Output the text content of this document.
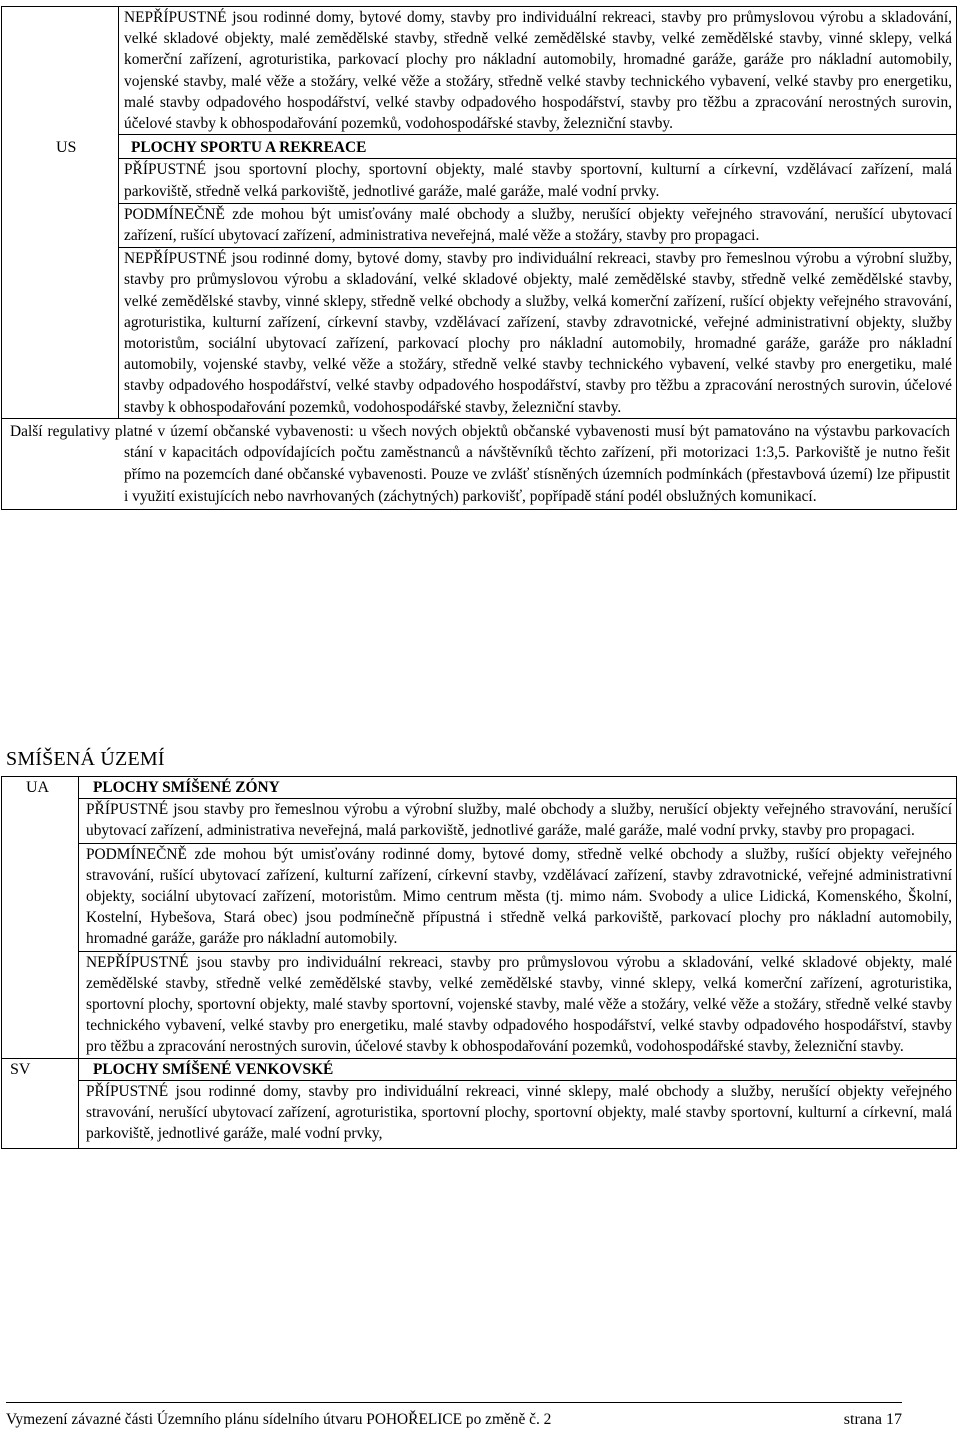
	NEPŘÍPUSTNÉ jsou rodinné domy, bytové domy, stavby pro individuální rekreaci, stavby pro průmyslovou výrobu a skladování, velké skladové objekty, malé zemědělské stavby, středně velké zemědělské stavby, velké zemědělské stavby, vinné sklepy, velká komerční zařízení, agroturistika, parkovací plochy pro nákladní automobily, hromadné garáže, garáže pro nákladní automobily, vojenské stavby, malé věže a stožáry, velké věže a stožáry, středně velké stavby technického vybavení, velké stavby pro energetiku, malé stavby odpadového hospodářství, velké stavby odpadového hospodářství, stavby pro těžbu a zpracování nerostných surovin, účelové stavby k obhospodařování pozemků, vodohospodářské stavby, železniční stavby.

US	PLOCHY SPORTU A REKREACE
PŘÍPUSTNÉ jsou sportovní plochy, sportovní objekty, malé stavby sportovní, kulturní a církevní, vzdělávací zařízení, malá parkoviště, středně velká parkoviště, jednotlivé garáže, malé garáže, malé vodní prvky.
PODMÍNEČNĚ zde mohou být umisťovány malé obchody a služby, nerušící objekty veřejného stravování, nerušící ubytovací zařízení, rušící ubytovací zařízení, administrativa neveřejná, malé věže a stožáry, stavby pro propagaci.
NEPŘÍPUSTNÉ jsou rodinné domy, bytové domy, stavby pro individuální rekreaci, stavby pro řemeslnou výrobu a výrobní služby, stavby pro průmyslovou výrobu a skladování, velké skladové objekty, malé zemědělské stavby, středně velké zemědělské stavby, velké zemědělské stavby, vinné sklepy, středně velké obchody a služby, velká komerční zařízení, rušící objekty veřejného stravování, agroturistika, kulturní zařízení, církevní stavby, vzdělávací zařízení, stavby zdravotnické, veřejné administrativní objekty, služby motoristům, sociální ubytovací zařízení, parkovací plochy pro nákladní automobily, hromadné garáže, garáže pro nákladní automobily, vojenské stavby, velké věže a stožáry, středně velké stavby technického vybavení, velké stavby pro energetiku, malé stavby odpadového hospodářství, velké stavby odpadového hospodářství, stavby pro těžbu a zpracování nerostných surovin, účelové stavby k obhospodařování pozemků, vodohospodářské stavby, železniční stavby.

Další regulativy platné v území občanské vybavenosti: u všech nových objektů občanské vybavenosti musí být pamatováno na výstavbu parkovacích stání v kapacitách odpovídajících počtu zaměstnanců a návštěvníků těchto zařízení, při motorizaci 1:3,5. Parkoviště je nutno řešit přímo na pozemcích dané občanské vybavenosti. Pouze ve zvlášť stísněných územních podmínkách (přestavbová území) lze připustit i využití existujících nebo navrhovaných (záchytných) parkovišť, popřípadě stání podél obslužných komunikací.	
SMÍŠENÁ ÚZEMÍ
UA	PLOCHY SMÍŠENÉ ZÓNY
PŘÍPUSTNÉ jsou stavby pro řemeslnou výrobu a výrobní služby, malé obchody a služby, nerušící objekty veřejného stravování, nerušící ubytovací zařízení, administrativa neveřejná, malá parkoviště, jednotlivé garáže, malé garáže, malé vodní prvky, stavby pro propagaci.
PODMÍNEČNĚ zde mohou být umisťovány rodinné domy, bytové domy, středně velké obchody a služby, rušící objekty veřejného stravování, rušící ubytovací zařízení, kulturní zařízení, církevní stavby, vzdělávací zařízení, stavby zdravotnické, veřejné administrativní objekty, sociální ubytovací zařízení, motoristům. Mimo centrum města (tj. mimo nám. Svobody a ulice Lidická, Komenského, Školní, Kostelní, Hybešova, Stará obec) jsou podmínečně přípustná i středně velká parkoviště, parkovací plochy pro nákladní automobily, hromadné garáže, garáže pro nákladní automobily.
NEPŘÍPUSTNÉ jsou stavby pro individuální rekreaci, stavby pro průmyslovou výrobu a skladování, velké skladové objekty, malé zemědělské stavby, středně velké zemědělské stavby, velké zemědělské stavby, vinné sklepy, velká komerční zařízení, agroturistika, sportovní plochy, sportovní objekty, malé stavby sportovní, vojenské stavby, malé věže a stožáry, velké věže a stožáry, středně velké stavby technického vybavení, velké stavby pro energetiku, malé stavby odpadového hospodářství, velké stavby odpadového hospodářství, stavby pro těžbu a zpracování nerostných surovin, účelové stavby k obhospodařování pozemků, vodohospodářské stavby, železniční stavby.

SV	PLOCHY SMÍŠENÉ VENKOVSKÉ
PŘÍPUSTNÉ jsou rodinné domy, stavby pro individuální rekreaci, vinné sklepy, malé obchody a služby, nerušící objekty veřejného stravování, nerušící ubytovací zařízení, agroturistika, sportovní plochy, sportovní objekty, malé stavby sportovní, kulturní a církevní, malá parkoviště, jednotlivé garáže, malé vodní prvky,
Vymezení závazné části Územního plánu sídelního útvaru POHOŘELICE po změně č. 2	strana 17
